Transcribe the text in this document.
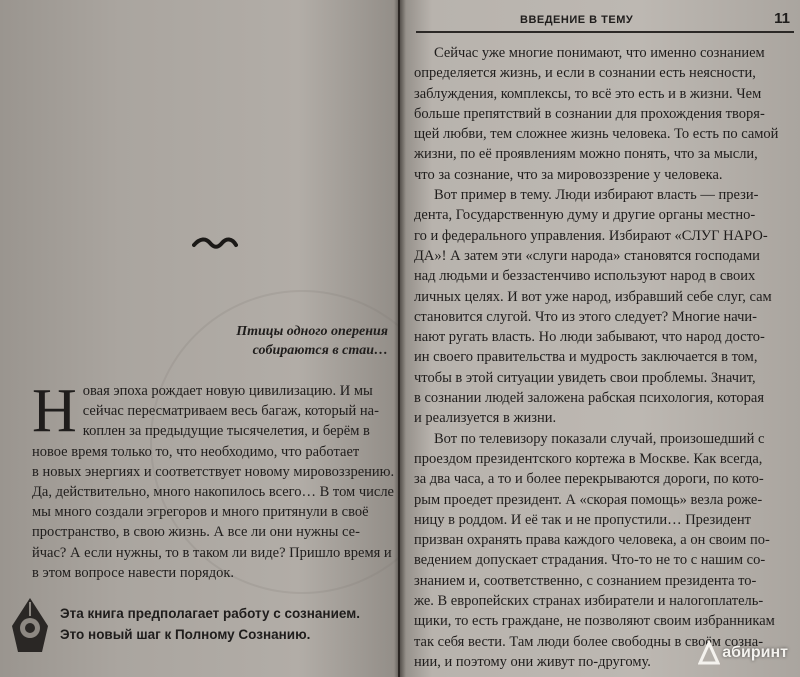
Птицы одного оперения
собираются в стаи…
Н овая эпоха рождает новую цивилизацию. И мы
сейчас пересматриваем весь багаж, который на-
коплен за предыдущие тысячелетия, и берём в
новое время только то, что необходимо, что работает
в новых энергиях и соответствует новому мировоззрению.
Да, действительно, много накопилось всего… В том числе
мы много создали эгрегоров и много притянули в своё
пространство, в свою жизнь. А все ли они нужны се-
йчас? А если нужны, то в таком ли виде? Пришло время и
в этом вопросе навести порядок.

Эта книга предполагает работу с сознанием.
Это новый шаг к Полному Сознанию.
ВВЕДЕНИЕ В ТЕМУ	11
Сейчас уже многие понимают, что именно сознанием
определяется жизнь, и если в сознании есть неясности,
заблуждения, комплексы, то всё это есть и в жизни. Чем
больше препятствий в сознании для прохождения творя-
щей любви, тем сложнее жизнь человека. То есть по самой
жизни, по её проявлениям можно понять, что за мысли,
что за сознание, что за мировоззрение у человека.
Вот пример в тему. Люди избирают власть — прези-
дента, Государственную думу и другие органы местно-
го и федерального управления. Избирают «СЛУГ НАРО-
ДА»! А затем эти «слуги народа» становятся господами
над людьми и беззастенчиво используют народ в своих
личных целях. И вот уже народ, избравший себе слуг, сам
становится слугой. Что из этого следует? Многие начи-
нают ругать власть. Но люди забывают, что народ досто-
ин своего правительства и мудрость заключается в том,
чтобы в этой ситуации увидеть свои проблемы. Значит,
в сознании людей заложена рабская психология, которая
и реализуется в жизни.
Вот по телевизору показали случай, произошедший с
проездом президентского кортежа в Москве. Как всегда,
за два часа, а то и более перекрываются дороги, по кото-
рым проедет президент. А «скорая помощь» везла роже-
ницу в роддом. И её так и не пропустили… Президент
призван охранять права каждого человека, а он своим по-
ведением допускает страдания. Что-то не то с нашим со-
знанием и, соответственно, с сознанием президента то-
же. В европейских странах избиратели и налогоплатель-
щики, то есть граждане, не позволяют своим избранникам
так себя вести. Там люди более свободны в своём созна-
нии, и поэтому они живут по-другому.
абиринт
